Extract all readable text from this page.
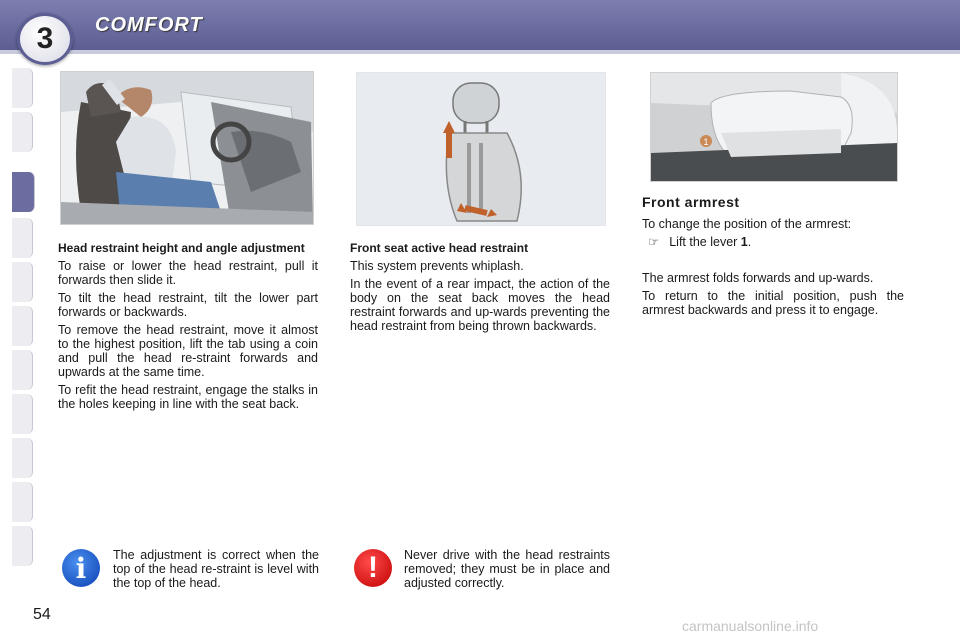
3	COMFORT
1
Head restraint height and angle adjustment

To raise or lower the head restraint, pull it forwards then slide it.

To tilt the head restraint, tilt the lower part forwards or backwards.

To remove the head restraint, move it almost to the highest position, lift the tab using a coin and pull the head re-straint forwards and upwards at the same time.

To refit the head restraint, engage the stalks in the holes keeping in line with the seat back.

Front seat active head restraint

This system prevents whiplash.

In the event of a rear impact, the action of the body on the seat back moves the head restraint forwards and up-wards preventing the head restraint from being thrown backwards.

Front armrest

To change the position of the armrest:

☞ Lift the lever 1.

The armrest folds forwards and up-wards.

To return to the initial position, push the armrest backwards and press it to engage.

i	The adjustment is correct when the top of the head re-straint is level with the top of the head.	!	Never drive with the head restraints removed; they must be in place and adjusted correctly.
54
carmanualsonline.info
